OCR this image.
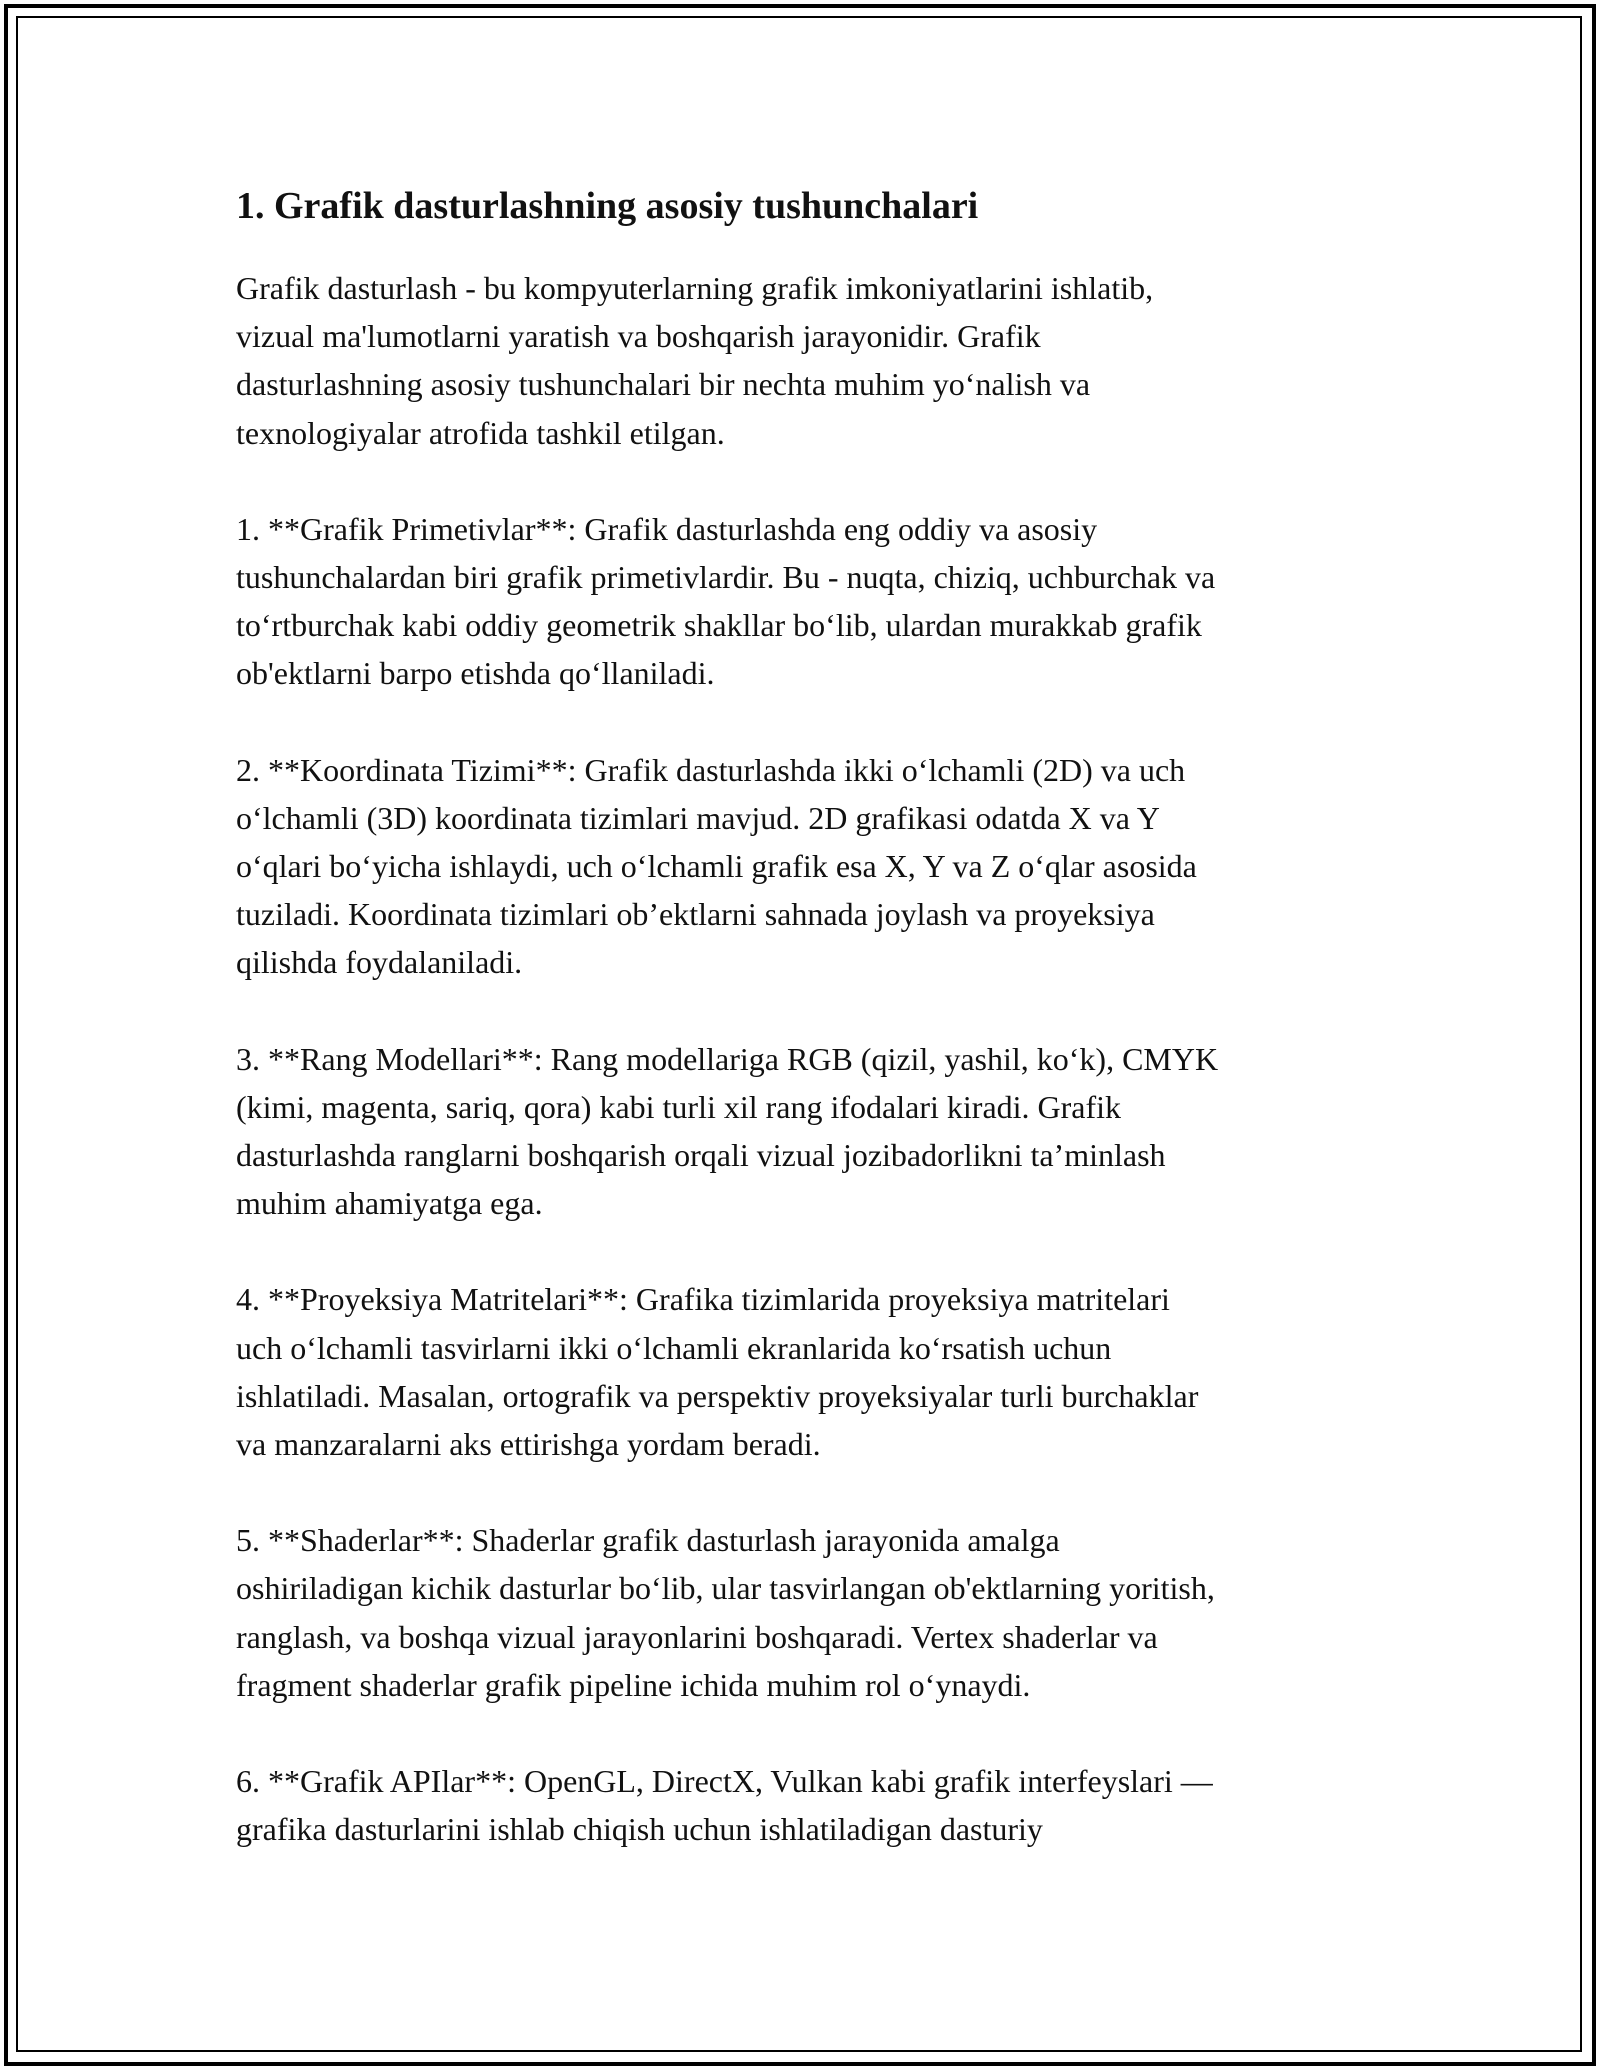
1. Grafik dasturlashning asosiy tushunchalari

Grafik dasturlash - bu kompyuterlarning grafik imkoniyatlarini ishlatib,
vizual ma'lumotlarni yaratish va boshqarish jarayonidir. Grafik
dasturlashning asosiy tushunchalari bir nechta muhim yo‘nalish va
texnologiyalar atrofida tashkil etilgan.

1. **Grafik Primetivlar**: Grafik dasturlashda eng oddiy va asosiy
tushunchalardan biri grafik primetivlardir. Bu - nuqta, chiziq, uchburchak va
to‘rtburchak kabi oddiy geometrik shakllar bo‘lib, ulardan murakkab grafik
ob'ektlarni barpo etishda qo‘llaniladi.

2. **Koordinata Tizimi**: Grafik dasturlashda ikki o‘lchamli (2D) va uch
o‘lchamli (3D) koordinata tizimlari mavjud. 2D grafikasi odatda X va Y
o‘qlari bo‘yicha ishlaydi, uch o‘lchamli grafik esa X, Y va Z o‘qlar asosida
tuziladi. Koordinata tizimlari ob’ektlarni sahnada joylash va proyeksiya
qilishda foydalaniladi.

3. **Rang Modellari**: Rang modellariga RGB (qizil, yashil, ko‘k), CMYK
(kimi, magenta, sariq, qora) kabi turli xil rang ifodalari kiradi. Grafik
dasturlashda ranglarni boshqarish orqali vizual jozibadorlikni ta’minlash
muhim ahamiyatga ega.

4. **Proyeksiya Matritelari**: Grafika tizimlarida proyeksiya matritelari
uch o‘lchamli tasvirlarni ikki o‘lchamli ekranlarida ko‘rsatish uchun
ishlatiladi. Masalan, ortografik va perspektiv proyeksiyalar turli burchaklar
va manzaralarni aks ettirishga yordam beradi.

5. **Shaderlar**: Shaderlar grafik dasturlash jarayonida amalga
oshiriladigan kichik dasturlar bo‘lib, ular tasvirlangan ob'ektlarning yoritish,
ranglash, va boshqa vizual jarayonlarini boshqaradi. Vertex shaderlar va
fragment shaderlar grafik pipeline ichida muhim rol o‘ynaydi.

6. **Grafik APIlar**: OpenGL, DirectX, Vulkan kabi grafik interfeyslari —
grafika dasturlarini ishlab chiqish uchun ishlatiladigan dasturiy
